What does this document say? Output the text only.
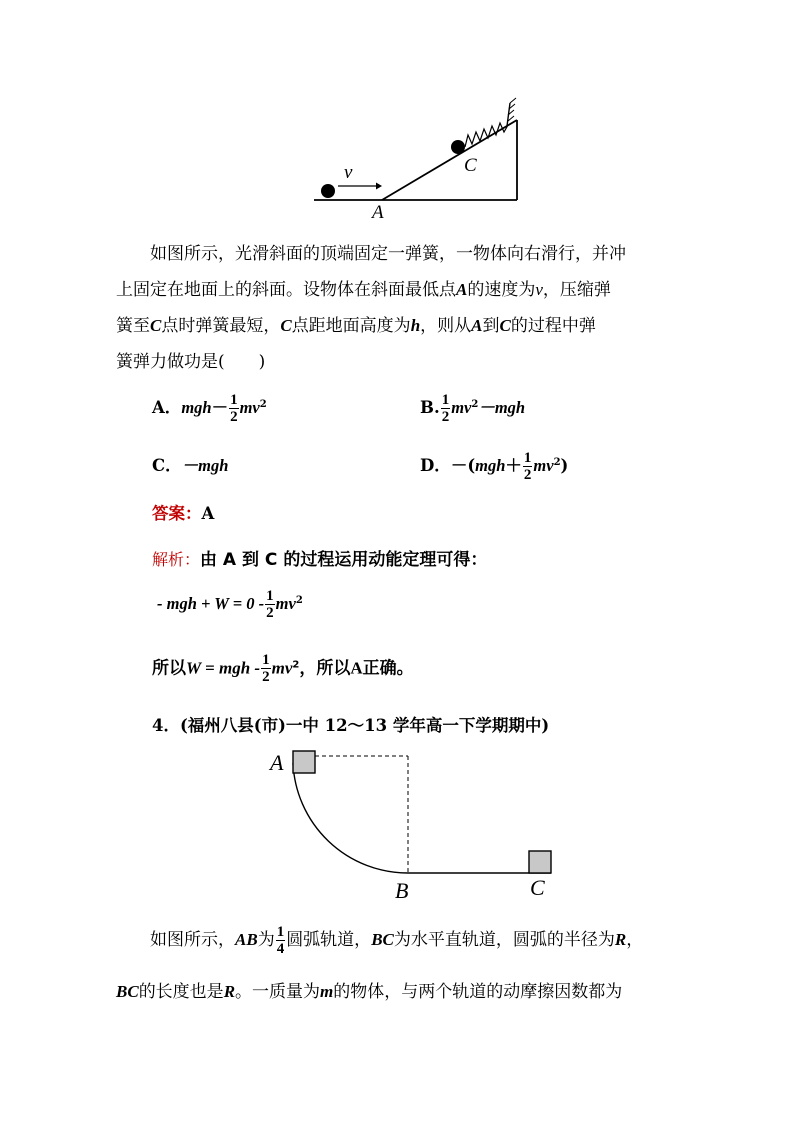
v
A
C
如图所示，光滑斜面的顶端固定一弹簧，一物体向右滑行，并冲
上固定在地面上的斜面。设物体在斜面最低点A的速度为v，压缩弹
簧至C点时弹簧最短，C点距地面高度为h，则从A到C的过程中弹
簧弹力做功是(　　)
A．$mgh- \frac{1}{2} mv^2$	B. $\frac{1}{2} mv^2-mgh$
C．－mgh	D．$-(mgh+ \frac{1}{2} mv^2)$
答案：A
解析：由 A 到 C 的过程运用动能定理可得：
- mgh + $W = 0 - \frac{1}{2} mv^2$
所以W = mgh - $\frac{1}{2} mv^2$，所以A正确。
4．(福州八县(市)一中 12～13 学年高一下学期期中)
A
B	C
如图所示，AB为 $\frac{1}{4}$ 圆弧轨道，BC为水平直轨道，圆弧的半径为R，
BC的长度也是R。一质量为m的物体，与两个轨道的动摩擦因数都为
